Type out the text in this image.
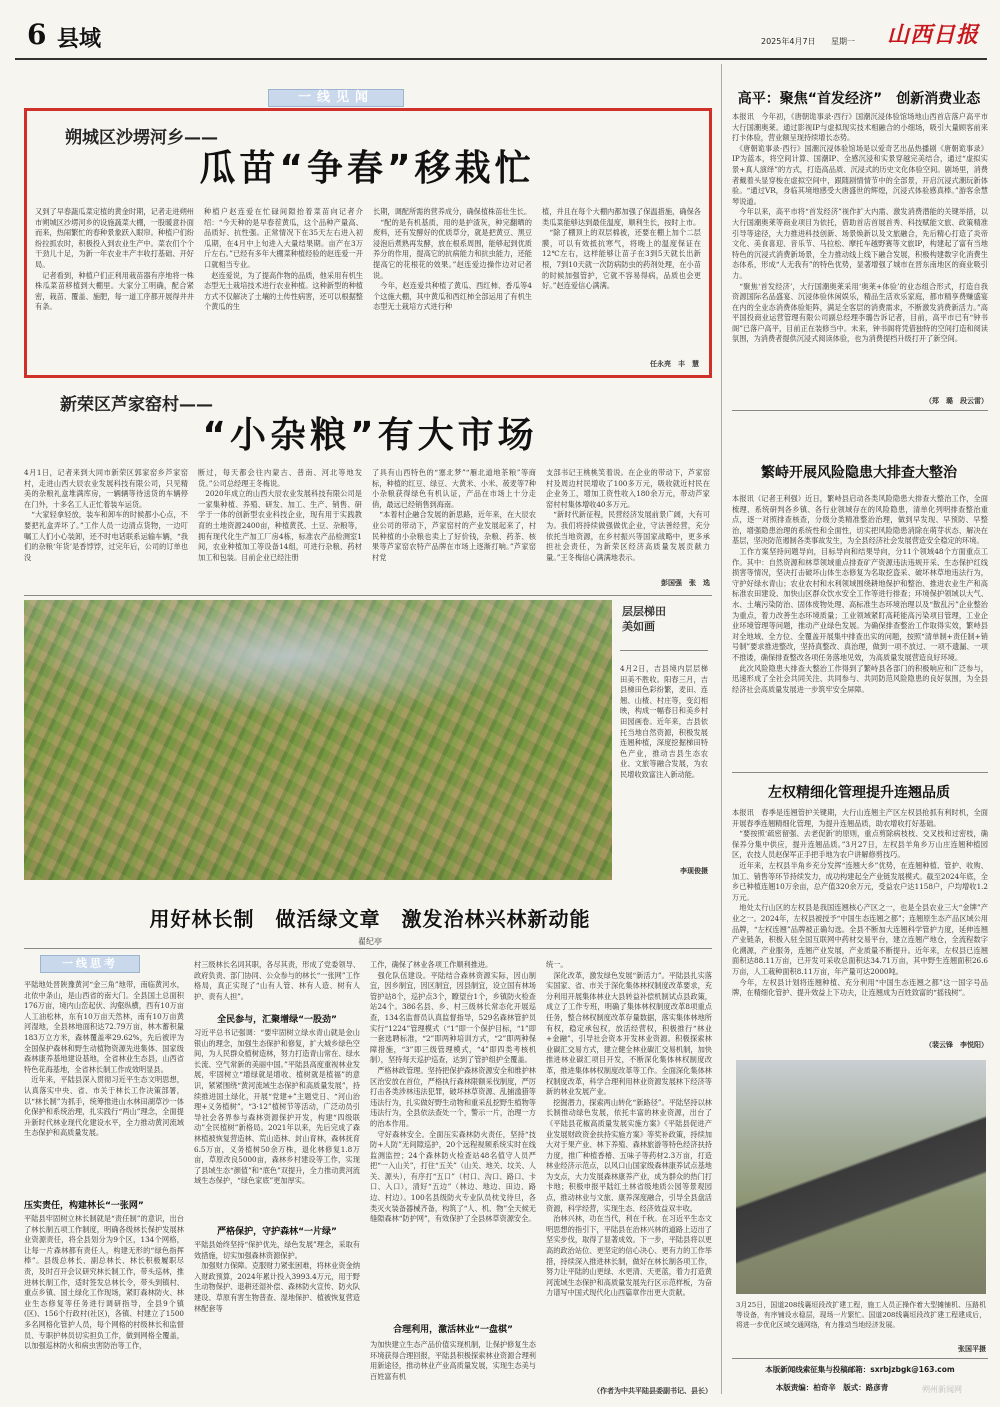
6 县域	2025年4月7日 星期一 山西日报
一线见闻
朔城区沙塄河乡——
瓜苗“争春”移栽忙
又到了早春蔬瓜菜定植的黄金时期，记者走进朔州市朔城区沙塄河乡的设施蔬菜大棚，一股暖意扑面而来，热闹繁忙的春种景象跃入眼帘。种植户们纷纷拉抓农时，积极投入到农业生产中。菜农们个个干劲儿十足，为新一年农业丰产丰收打基础、开好局。
　记者看到，种植户们正利用栽苗器有序地将一株株瓜菜苗移植到大棚里。大家分工明确，配合紧密，栽苗、覆盖、施肥，每一道工序都开展得井井有条。
种植户赵连爱在忙碌间隙抬着菜苗向记者介绍：“今天种的是早春茬黄瓜，这个品种产量高、品质好、抗性强。正常情况下在35天左右进入初瓜期，在4月中上旬进入大量结果期。亩产在3万斤左右。”已经有多年大棚菜种植经验的赵连爱一开口就相当专业。
　赵连爱说，为了提高作物的品质，他采用有机生态型无土栽培技术进行农业种植。这种新型的种植方式不仅解决了土壤的土传性病害，还可以根据整个黄瓜的生
长期，调配所需的营养成分，确保植株苗壮生长。
　“配的是有机基质，用的是护渣灰，种完翻晒的废料，还有发酵好的优质草分，就是把黄豆、黑豆浸泡后煮熟再发酵，放在根系周围，能够起到优质养分的作用，提高它的抗病能力和抗虫能力，还能提高它的花根花的效果。”赵连爱边操作边对记者说。
　今年，赵连爱共种植了黄瓜、西红柿、香瓜等4个这施大棚，其中黄瓜和西红柿全部运用了有机生态型无土栽培方式进行种
植，并且在每个大棚内都加强了保温措施，确保各类瓜菜能够达到最佳温度，顺利生长，按时上市。
　“除了棚顶上的双层棉被，还要在棚上加个二层膜，可以有效抵抗寒气，将晚上的温度保证在12℃左右，这样能够让苗子在3到5天就长出新根，7到10天就一次防病防虫的药剂处理，在小苗的时候加强管护，它就不容易得病，品质也会更好。”赵连爱信心满满。
任永亮　丰　慧
新荣区芦家窑村——
“小杂粮”有大市场
4月1日，记者来到大同市新荣区郭家窑乡芦家窑村，走进山西大辰农业发展科技有限公司，只见精美的杂粮礼盒堆满库房，一辆辆等待送货的车辆停在门外，十多名工人正忙着装车运货。
　“大家轻拿轻放，装车和卸车的时候都小心点，不要把礼盒弄坏了。”工作人员一边清点货物，一边叮嘱工人们小心装卸，还不时电话联系运输车辆，“我们的杂粮‘年货’是香饽饽，过完年后，公司的订单也没
断过，每天都会往内蒙古、普南、河北等地发货。”公司总经理王冬梅说。
　2020年成立的山西大辰农业发展科技有限公司是一家集种植、养殖、研发、加工、生产、销售、研学于一体的创新型农业科技企业，现有用于实践教育的土地资源2400亩，种植黄芪、土豆、杂粮等，拥有现代化生产加工厂房4栋，标准农产品检测室1间，农业种植加工等设备14组，可进行杂粮、药材加工和包装。目前企业已经注册
了具有山西特色的“塞北梦”“雁北道地茶粮”等商标，种植的红豆、绿豆、大黄米、小米、莜麦等7种小杂粮获得绿色有机认证，产品在市场上十分走俏，最远已经销售到海南。
　“本着村企融合发展的新思路，近年来，在大辰农业公司的带动下，芦家窑村的产业发展起来了，村民种植的小杂粮也卖上了好价钱，杂粮、药茶、核果等芦家窑农特产品牌在市场上逐渐打响。”芦家窑村党
支部书记王桃桃笑着说。在企业的带动下，芦家窑村及周边村民增收了100多万元，吸收就近村民在企业务工，增加工资性收入180余万元，带动芦家窑村村集体增收40多万元。
　“新时代新征程，民营经济发展前景广阔，大有可为。我们将持续做强做优企业，守法善经营，充分依托当地资源，在乡村振兴等国家战略中，更多承担社会责任，为新荣区经济高质量发展贡献力量。”王冬梅信心满满地表示。
彭国强　张　选
层层梯田
美如画
4月2日，吉县境内层层梯田美不胜收。阳春三月，吉县梯田色彩纷繁，麦田、连翘、山楂、村庄等，变幻相映，构成一幅春日和美乡村田园画卷。近年来，吉县依托当地自然资源，积极发展连翘种植，深度挖掘梯田特色产业，推动吉县生态农业、文旅等融合发展，为农民增收致富注入新动能。
李现俊摄
用好林长制　做活绿文章　激发治林兴林新动能
翟纪亭
一线思考
平陆地处晋陕豫黄河“金三角”地带，南临黄河水，北依中条山，是山西省的南大门。全县国土总面积176万亩，境内山峦起伏、沟壑纵横，西有10万亩人工油松林，东有10万亩天然林，南有10万亩黄河湿地，全县林地面积达72.79万亩，林木蓄积量183万立方米，森林覆盖率29.62%，先后被评为全国保护森林和野生动植物资源先进集体、国家级森林康养基地建设基地，全省林业生态县，山西省特色花海基地，全省林长制工作成效明显县。
　近年来，平陆县深入贯彻习近平生态文明思想，认真落实中央、省、市关于林长工作决策部署，以“林长制”为抓手，统筹推进山水林田湖草沙一体化保护和系统治理，扎实践行“两山”理念，全面提升新时代林业现代化建设水平，全力推动黄河流域生态保护和高质量发展。
压实责任，构建林长“一张网”
平陆县牢固树立林长制就是“责任制”的意识，出台了林长制五项工作制度，明确各级林长保护发展林业资源责任，将全县划分为9个区，134个网格，让每一片森林都有责任人，构建无形的“绿色指挥棒”。县级总林长、副总林长、林长积极履职尽责，及时召开会议研究林长制工作，带头巡林，推进林长制工作，适时签发总林长令，带头到镇村、重点乡镇、国土绿化工作现场，紧盯森林防火、林业生态修复等任务进行调研指导，全县9个镇(区)、156个行政村(社区)，各镇、村建立了1500多名网格化管护人员，每个网格的村级林长和监督员、专职护林员切实担负工作，做到网格全覆盖，以加强巡林防火和病虫害防治等工作，
村三级林长名词其职，各尽其责，形成了党委领导、政府负责、部门协同、公众参与的林长“一张网”工作格局，真正实现了“山有人管、林有人造、树有人护、责有人担”。
全民参与，汇聚增绿“一股劲”
习近平总书记强调：“要牢固树立绿水青山就是金山银山的理念，加强生态保护和修复，扩大城乡绿色空间，为人民群众植树造林，努力打造青山常在、绿水长流、空气常新的美丽中国。”平陆县高度重视林业发展，牢固树立“增绿就是增收、植树就是植福”的意识，紧紧围绕“黄河流域生态保护和高质量发展”，持续推进国土绿化，开展“党建+”主题党日、“河山治理+义务植树”，“3·12”植树节等活动，广泛动员引导社会各界参与森林资源保护开发，构建“四级联动”全民植树”新格局。2021年以来，先后完成了森林植被恢复营造林、荒山造林、封山育林，森林抚育6.5万亩，义务植树50余万株，退化林修复1.8万亩，草原改良5000亩，森林乡村建设等工作，实现了县域生态“颜值”和“底色”双提升，全力推动黄河流域生态保护，“绿色家底”更加厚实。
严格保护，守护森林“一片绿”
平陆县始终坚持“保护优先，绿色发展”理念，采取有效措施，切实加强森林资源保护。
　加强财力保障。克服财力紧张困难，将林业资金纳入财政预算，2024年累计投入3993.4万元，用于野生动物保护、退耕还湿补偿、森林防火宣传、防火队建设、草原有害生物普查、湿地保护、植被恢复营造林配套等
工作，确保了林业各项工作顺利推进。
　强化队伍建设。平陆结合森林资源实际，因山制宜，因乡制宜，因区制宜，因县制宜，设立国有林场管护站8个，巡护点3个，瞭望台1个，乡镇防火检查站24个。386名县、乡、村三级林长常态化开展巡查，134名监督员认真监督指导，529名森林管护员实行“1224”管理模式（“1”即一个保护目标，“1”即一套选聘标准，“2”即两种培训方式，“2”即两种保障措施，“3”即三级管理模式，“4”即四类考核机制），坚持每天巡护巡查，达到了管护组护全覆盖。
　严格林政管理。坚持把保护森林资源安全和维护林区治安放在首位，严格执行森林限额采伐制度，严厉打击各类涉林违法犯罪，破坏林草资源、乱捕滥猎等违法行为，扎实做好野生动物和重采乱挖野生植物等违法行为，全县依法查处一个，警示一片，治理一方的治本作用。
　守好森林安全。全面压实森林防火责任，坚持“技防+人防”无间隙巡护，20个远程视频系统实时在线监测监控；24个森林防火检查站48名值守人员严把“一入山关”，打住“五关”（山关、地关、坟关、人关、源头），有序打“五口”（村口、沟口、路口、卡口、入口），清好“五边”（林边、地边、田边、路边、村边）。100名县级防火专业队员枕戈待旦，各类灭火装备器械齐备，构筑了“人、机、物”全天候无缝隙森林“防护网”，有效保护了全县林草资源安全。
合理利用，激活林业“一盘棋”
为加快建立生态产品价值实现机制，让保护修复生态环境获得合理回报，平陆县积极探索林业资源合理利用新途径，推动林业产业高质量发展，实现生态美与百姓富有机
统一。
　深化改革，激发绿色发展“新活力”。平陆县扎实落实国家、省、市关于深化集体林权制度改革要求，充分利用开展集体林业大县转益补偿机制试点县政策，成立了工作专班，明确了集体林权制度改革8项重点任务，整合林权制度改革存量数据，落实集体林地所有权，稳定承包权，放活经营权，积极推行“林业+金融”，引导社会资本开发林业资源。积极探索林业碳汇交易方式，建立健全林业碳汇交易机制，加快推进林业碳汇项目开发，不断深化集体林权制度改革，推进集体林权制度改革等工作。全面深化集体林权制度改革，科学合理利用林业资源发展林下经济等新的林业发展产业。
　挖掘潜力，探索两山转化“新路径”。平陆坚持以林长制推动绿色发展，依托丰富的林业资源，出台了《平陆县花椒高质量发展实施方案》《平陆县促进产业发展财政资金扶持实施方案》等奖补政策，持续加大对于果产业、林下养殖、森林旅游等特色经济扶持力度，推广种植香椿、五味子等药材2.3万亩，打造林业经济示范点，以风口山国家级森林康养试点基地为支点，大力发展森林康养产业，成为群众的热门打卡地；积极申报平陆红土林省级地质公园等景观园点，推动林业与文旅、康养深度融合，引导全县盘活资源，科学经营，实现生态、经济效益双丰收。
　治林兴林，功在当代，利在千秋。在习近平生态文明思想的指引下，平陆县在治林兴林的道路上迈出了坚实步伐，取得了显著成效。下一步，平陆县将以更高的政治站位、更坚定的信心决心、更有力的工作举措，持续深入推进林长制，做好在林长制各项工作，努力让平陆的山更绿、水更清、天更蓝，着力打造黄河流域生态保护和高质量发展先行区示范样板，为奋力谱写中国式现代化山西篇章作出更大贡献。
（作者为中共平陆县委副书记、县长）
高平：聚焦“首发经济”　创新消费业态
本报讯　今年初，《唐朝诡事录·西行》国潮沉浸体验馆场地山西首店落户高平市大行国潮奥莱。通过影视IP与虚拟现实技术相融合的小细场，吸引大量顾客前来打卡体验，营业额呈现持续增长态势。
　《唐朝诡事录·西行》国潮沉浸体验馆场是以爱奇艺出品热播剧《唐朝诡事录》IP为蓝本，将空间计算、国潮IP、全感沉浸和实景穿越完美结合，通过“虚拟实景+真人演绎”的方式，打造高品质、沉浸式的历史文化体验空间。剧场里，消费者戴着头显穿梭在虚拟空间中，跟随剧情情节中的全部景，开启沉浸式潮玩新体验。“通过VR，身临其境地感受大唐盛世的辉煌，沉浸式体验感真棒。”游客余慧琴说道。
　今年以来，高平市将“首发经济”视作扩大内需、激发消费潜能的关键举措，以大行国潮奥莱等商业项目为依托，借助首店首展首秀、科技赋能文旅、政策精准引导等途径，大力推进科技创新、场景焕新以及文旅融合，先后精心打造了炎帝文化、美食喜迎、音乐节、马拉松、摩托车越野赛等文旅IP，构建起了富有当地特色的沉浸式消费新场景，全力推动线上线下融合发展，积极构建数字化消费生态体系，形成“人无我有”的特色优势，显著增强了城市在晋东南地区的商业吸引力。
　“聚焦‘首发经济’，大行国潮奥莱采用‘奥莱+体验’的业态组合形式，打造自我资源国际名品盛宴、沉浸体验休闲娱乐，精品生活欢乐家庭，都市精享费赚盛宴在内的全业态消费体验矩阵，满足全客层的消费需求，不断激发消费新活力。”高平国投商业运营管理有限公司副总经理李璐告诉记者，目前，高平市已有“钟书阁”已落户高平，目前正在装修当中。未来，钟书阁将凭借独特的空间打造和阅读氛围，为消费者提供沉浸式阅读体验，也为消费提档升级打开了新空间。
（郑　璐　段云雷）
繁峙开展风险隐患大排查大整治
本报讯（记者王利强）近日，繁峙县启动各类风险隐患大排查大整治工作，全面梳理、系统研判各乡镇、各行业领域存在的风险隐患，清单化列明排查整治重点，逐一对照排查核查，分级分类精准整治治理，做到早发现、早预防、早整治，增强隐患治理的系统性和全面性，切实把风险隐患消除在萌芽状态、解决在基层，坚决防范遏制各类事故发生，为全县经济社会发展营造安全稳定的环境。
　工作方案坚持问题导向，目标导向和结果导向，分11个领域48个方面重点工作。其中：自然资源和林草领域重点排查矿产资源违法违规开采、生态保护红线损害等情况，坚决打击破坏山体生态修复为名取挖盗采、破坏林草地违法行为，守护好绿水青山；农业农村和水利领域围绕耕地保护和整治、推进农业生产和高标准农田建设、加快山区群众饮水安全工作等进行排查；环境保护领域以大气、水、土壤污染防治、固体废物处理、高标准生态环境治理以及“散乱污”企业整治为重点，着力改善生态环境质量；工业领域紧盯高耗能高污染项目管理，工业企业环境管理等问题，推动产业绿色发展。为确保排查整治工作取得实效，繁峙县对全地域、全方位、全覆盖开展集中排查出实的问题，按照“清单制+责任制+销号制”要求推进整改，坚持真整改、真治理，做到一项不放过、一项不遗漏、一项不推诿，确保排查整改各项任务落地见效，为高质量发展营造良好环境。
　此次风险隐患大排查大整治工作得到了繁峙县各部门的积极响应和广泛参与，迅速形成了全社会共同关注、共同参与、共同防范风险隐患的良好氛围，为全县经济社会高质量发展进一步筑牢安全屏障。
左权精细化管理提升连翘品质
本报讯　春季是连翘管护关键期，大行山连翘主产区左权县抢抓有利时机，全面开展春季连翘精细化管理，为提升连翘品质，助农增收打好基础。
　“要按照‘疏密留强、去老促新’的原则，重点剪除病枝枝、交叉枝和过密枝，确保养分集中供应，提升连翘品质。”3月27日，左权县羊角乡万山庄连翘种植园区，农技人员赵保军正手把手地为农户讲解修剪技巧。
　近年来，左权县半角乡充分发挥“连翘大乡”优势，在连翘种植、管护、收购、加工、销售等环节持续发力，成功构建起全产业链发展模式。截至2024年底，全乡已种植连翘10万余亩，总产值320余万元，受益农户达1158户，户均增收1.2万元。
　地处太行山区的左权县是我国连翘核心产区之一，也是全县农业三大“金牌”产业之一。2024年，左权县被授予“中国生态连翘之都”；连翘原生态产品区域公用品牌，“左权连翘”品牌被正确勾选。全县不断加大连翘科学管护力度，延伸连翘产业链条，积极入驻全国互联网中药材交易平台，建立连翘产地仓，全流程数字化溯源，产业服务，连翘产业发展，产业质量不断提升。近年来，左权县已连翘面积达88.11万亩，已开发可采收总面积达34.71万亩，其中野生连翘面积26.6万亩，人工栽种面积8.11万亩，年产量可达2000吨。
　今年，左权县计划将连翘种植、充分利用“中国生态连翘之都”这一国字号品牌，在精细化管护、提升效益上下功夫，让连翘成为百姓致富的“摇钱树”。
（裴云锋　李悦阳）
3月25日，国道208线襄垣段改扩建工程，施工人员正操作着大型摊铺机、压路机等设备，有序铺设水稳层，现场一片繁忙。国道208线襄垣段改扩建工程建成后，将进一步优化区域交通网络，有力推动当地经济发展。
张国平摄
本版新闻线索征集与投稿邮箱：sxrbjzbgk@163.com
本版责编：柏奇辛　版式：路彦青	朔州新闻网
